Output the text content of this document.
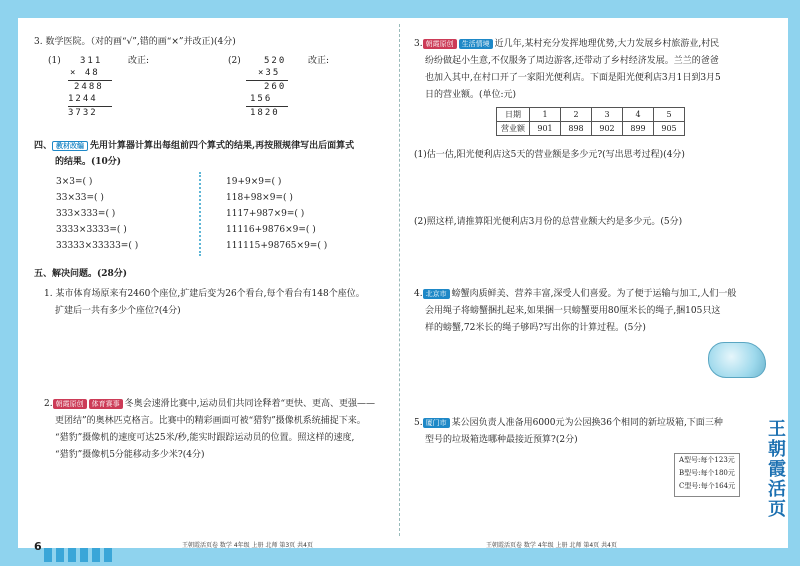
3. 数学医院。（对的画“√”,错的画“×”并改正)(4分)
(1) 311
× 48
2488
1244
3732
改正:	(2)	520
×35
260
156
1820
改正:
四、 教材改编 先用计算器计算出每组前四个算式的结果,再按照规律写出后面算式
的结果。(10分)
3×3=( )
33×33=( )
333×333=( )
3333×3333=( )
33333×33333=( )
19+9×9=( )
118+98×9=( )
1117+987×9=( )
11116+9876×9=( )
111115+98765×9=( )
五、解决问题。(28分)
1. 某市体育场原来有2460个座位,扩建后变为26个看台,每个看台有148个座位。
扩建后一共有多少个座位?(4分)
2. 朝霞原创 体育赛事 冬奥会速滑比赛中,运动员们共同诠释着“更快、更高、更强——
更团结”的奥林匹克格言。比赛中的精彩画面可被“猎豹”摄像机系统捕捉下来。
“猎豹”摄像机的速度可达25米/秒,能实时跟踪运动员的位置。照这样的速度,
“猎豹”摄像机5分能移动多少米?(4分)
3. 朝霞原创 生活情境 近几年,某村充分发挥地理优势,大力发展乡村旅游业,村民
纷纷做起小生意,不仅服务了周边游客,还带动了乡村经济发展。兰兰的爸爸
也加入其中,在村口开了一家阳光便利店。下面是阳光便利店3月1日到3月5
日的营业额。(单位:元)
日期	1	2	3	4	5
营业额	901	898	902	899	905
(1)估一估,阳光便利店这5天的营业额是多少元?(写出思考过程)(4分)
(2)照这样,请推算阳光便利店3月份的总营业额大约是多少元。(5分)
4. 北京市 螃蟹肉质鲜美、营养丰富,深受人们喜爱。为了便于运输与加工,人们一般
会用绳子将螃蟹捆扎起来,如果捆一只螃蟹要用80厘米长的绳子,捆105只这
样的螃蟹,72米长的绳子够吗?写出你的计算过程。(5分)
5. 厦门市 某公园负责人准备用6000元为公园换36个相同的新垃圾箱,下面三种
型号的垃圾箱选哪种最接近预算?(2分)
A型号:每个123元
B型号:每个180元
C型号:每个164元
6	王朝霞活页卷 数学 4年级 上册 北师 第3页 共4页	王朝霞活页卷 数学 4年级 上册 北师 第4页 共4页
王朝霞活页
